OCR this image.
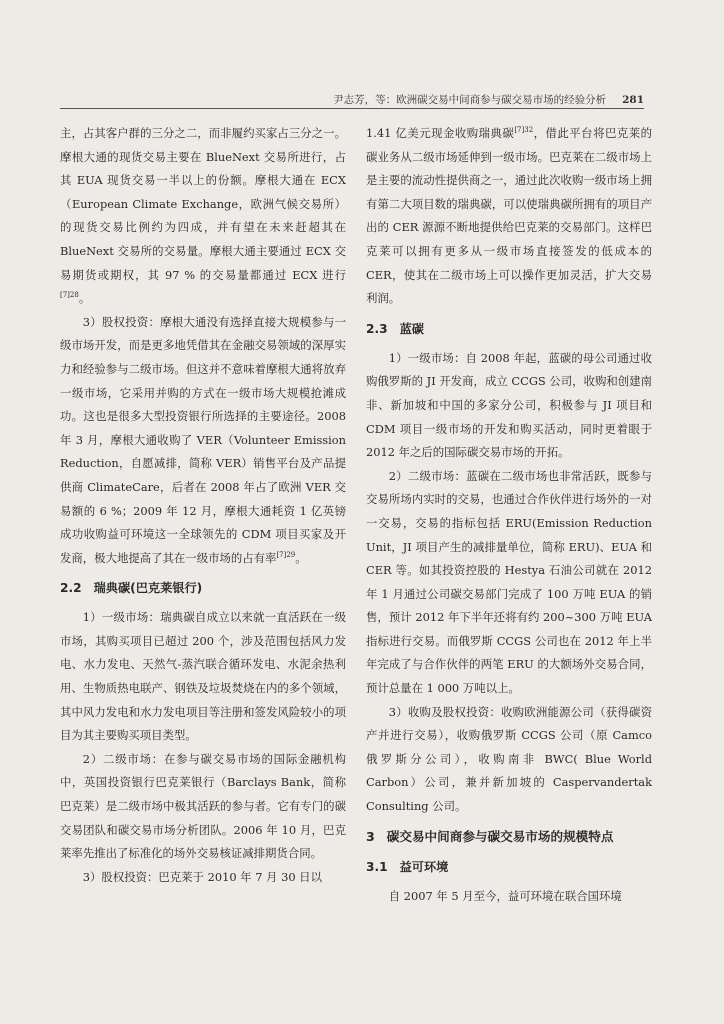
尹志芳，等：欧洲碳交易中间商参与碳交易市场的经验分析 281

主，占其客户群的三分之二，而非履约买家占三分之一。摩根大通的现货交易主要在 BlueNext 交易所进行，占其 EUA 现货交易一半以上的份额。摩根大通在 ECX（European Climate Exchange，欧洲气候交易所）的现货交易比例约为四成，并有望在未来赶超其在 BlueNext 交易所的交易量。摩根大通主要通过 ECX 交易期货或期权，其 97 % 的交易量都通过 ECX 进行$^{[7]28}$。

3）股权投资：摩根大通没有选择直接大规模参与一级市场开发，而是更多地凭借其在金融交易领域的深厚实力和经验参与二级市场。但这并不意味着摩根大通将放弃一级市场，它采用并购的方式在一级市场大规模抢滩成功。这也是很多大型投资银行所选择的主要途径。2008 年 3 月，摩根大通收购了 VER（Volunteer Emission Reduction，自愿减排，简称 VER）销售平台及产品提供商 ClimateCare，后者在 2008 年占了欧洲 VER 交易额的 6 %；2009 年 12 月，摩根大通耗资 1 亿英镑成功收购益可环境这一全球领先的 CDM 项目买家及开发商，极大地提高了其在一级市场的占有率$^{[7]29}$。

2.2 瑞典碳(巴克莱银行)

1）一级市场：瑞典碳自成立以来就一直活跃在一级市场，其购买项目已超过 200 个，涉及范围包括风力发电、水力发电、天然气-蒸汽联合循环发电、水泥余热利用、生物质热电联产、钢铁及垃圾焚烧在内的多个领域，其中风力发电和水力发电项目等注册和签发风险较小的项目为其主要购买项目类型。

2）二级市场：在参与碳交易市场的国际金融机构中，英国投资银行巴克莱银行（Barclays Bank，简称巴克莱）是二级市场中极其活跃的参与者。它有专门的碳交易团队和碳交易市场分析团队。2006 年 10 月，巴克莱率先推出了标准化的场外交易核证减排期货合同。

3）股权投资：巴克莱于 2010 年 7 月 30 日以

1.41 亿美元现金收购瑞典碳$^{[7]32}$，借此平台将巴克莱的碳业务从二级市场延伸到一级市场。巴克莱在二级市场上是主要的流动性提供商之一，通过此次收购一级市场上拥有第二大项目数的瑞典碳，可以使瑞典碳所拥有的项目产出的 CER 源源不断地提供给巴克莱的交易部门。这样巴克莱可以拥有更多从一级市场直接签发的低成本的 CER，使其在二级市场上可以操作更加灵活，扩大交易利润。

2.3 蓝碳

1）一级市场：自 2008 年起，蓝碳的母公司通过收购俄罗斯的 JI 开发商，成立 CCGS 公司，收购和创建南非、新加坡和中国的多家分公司，积极参与 JI 项目和 CDM 项目一级市场的开发和购买活动，同时更着眼于 2012 年之后的国际碳交易市场的开拓。

2）二级市场：蓝碳在二级市场也非常活跃，既参与交易所场内实时的交易，也通过合作伙伴进行场外的一对一交易，交易的指标包括 ERU(Emission Reduction Unit，JI 项目产生的减排量单位，简称 ERU)、EUA 和 CER 等。如其投资控股的 Hestya 石油公司就在 2012 年 1 月通过公司碳交易部门完成了 100 万吨 EUA 的销售，预计 2012 年下半年还将有约 200~300 万吨 EUA 指标进行交易。而俄罗斯 CCGS 公司也在 2012 年上半年完成了与合作伙伴的两笔 ERU 的大额场外交易合同，预计总量在 1 000 万吨以上。

3）收购及股权投资：收购欧洲能源公司（获得碳资产并进行交易），收购俄罗斯 CCGS 公司（原 Camco 俄罗斯分公司），收购南非 BWC( Blue World Carbon）公司，兼并新加坡的 Caspervandertak Consulting 公司。

3 碳交易中间商参与碳交易市场的规模特点
3.1 益可环境

自 2007 年 5 月至今，益可环境在联合国环境
